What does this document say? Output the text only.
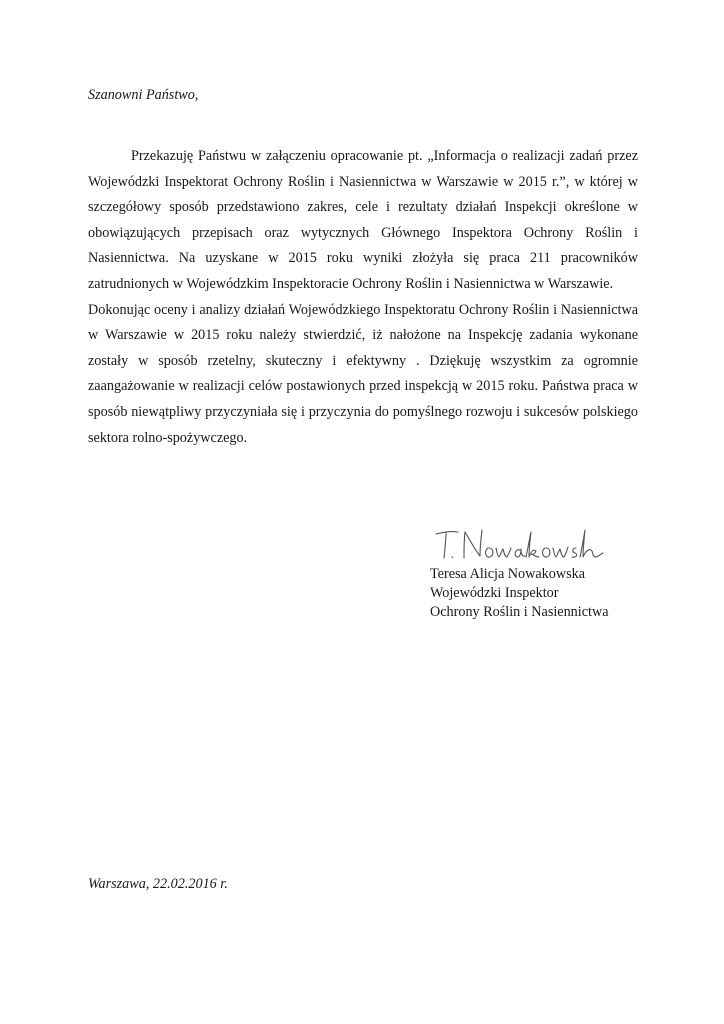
Szanowni Państwo,

Przekazuję Państwu w załączeniu opracowanie pt. „Informacja o realizacji zadań przez Wojewódzki Inspektorat Ochrony Roślin i Nasiennictwa w Warszawie w 2015 r.”, w której w szczegółowy sposób przedstawiono zakres, cele i rezultaty działań Inspekcji określone w obowiązujących przepisach oraz wytycznych Głównego Inspektora Ochrony Roślin i Nasiennictwa. Na uzyskane w 2015 roku wyniki złożyła się praca 211 pracowników zatrudnionych w Wojewódzkim Inspektoracie Ochrony Roślin i Nasiennictwa w Warszawie.

Dokonując oceny i analizy działań Wojewódzkiego Inspektoratu Ochrony Roślin i Nasiennictwa w Warszawie w 2015 roku należy stwierdzić, iż nałożone na Inspekcję zadania wykonane zostały w sposób rzetelny, skuteczny i efektywny . Dziękuję wszystkim za ogromnie zaangażowanie w realizacji celów postawionych przed inspekcją w 2015 roku. Państwa praca w sposób niewątpliwy przyczyniała się i przyczynia do pomyślnego rozwoju i sukcesów polskiego sektora rolno-spożywczego.

Teresa Alicja Nowakowska
Wojewódzki Inspektor
Ochrony Roślin i Nasiennictwa
Warszawa, 22.02.2016 r.
